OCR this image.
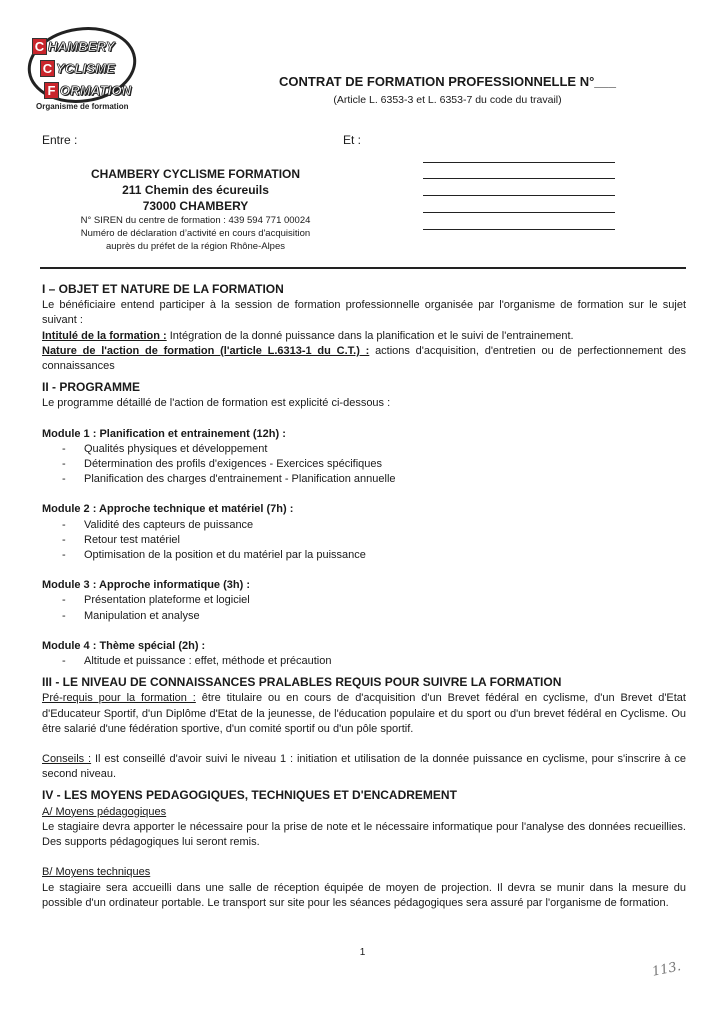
C HAMBERY
C YCLISME
F ORMATION
Organisme de formation
CONTRAT DE FORMATION PROFESSIONNELLE N°___
(Article L. 6353-3 et L. 6353-7 du code du travail)
Entre :	Et :
CHAMBERY CYCLISME FORMATION
211 Chemin des écureuils
73000 CHAMBERY
N° SIREN du centre de formation : 439 594 771 00024
Numéro de déclaration d’activité en cours d'acquisition
auprès du préfet de la région Rhône-Alpes
I – OBJET ET NATURE DE LA FORMATION

Le bénéficiaire entend participer à la session de formation professionnelle organisée par l'organisme de formation sur le sujet suivant :

Intitulé de la formation : Intégration de la donné puissance dans la planification et le suivi de l'entrainement.

Nature de l'action de formation (l'article L.6313-1 du C.T.) : actions d'acquisition, d'entretien ou de perfectionnement des connaissances

II - PROGRAMME

Le programme détaillé de l'action de formation est explicité ci-dessous :

Module 1 : Planification et entrainement (12h) :
- Qualités physiques et développement
- Détermination des profils d'exigences - Exercices spécifiques
- Planification des charges d'entrainement - Planification annuelle
Module 2 : Approche technique et matériel (7h) :
- Validité des capteurs de puissance
- Retour test matériel
- Optimisation de la position et du matériel par la puissance
Module 3 : Approche informatique (3h) :
- Présentation plateforme et logiciel
- Manipulation et analyse
Module 4 : Thème spécial (2h) :
- Altitude et puissance : effet, méthode et précaution
III - LE NIVEAU DE CONNAISSANCES PRALABLES REQUIS POUR SUIVRE LA FORMATION

Pré-requis pour la formation : être titulaire ou en cours de d'acquisition d'un Brevet fédéral en cyclisme, d'un Brevet d'Etat d'Educateur Sportif, d'un Diplôme d'Etat de la jeunesse, de l'éducation populaire et du sport ou d'un brevet fédéral en Cyclisme. Ou être salarié d'une fédération sportive, d'un comité sportif ou d'un pôle sportif.

Conseils : Il est conseillé d'avoir suivi le niveau 1 : initiation et utilisation de la donnée puissance en cyclisme, pour s'inscrire à ce second niveau.

IV - LES MOYENS PEDAGOGIQUES, TECHNIQUES ET D'ENCADREMENT

A/ Moyens pédagogiques

Le stagiaire devra apporter le nécessaire pour la prise de note et le nécessaire informatique pour l'analyse des données recueillies. Des supports pédagogiques lui seront remis.

B/ Moyens techniques

Le stagiaire sera accueilli dans une salle de réception équipée de moyen de projection. Il devra se munir dans la mesure du possible d'un ordinateur portable. Le transport sur site pour les séances pédagogiques sera assuré par l'organisme de formation.

1
113.
